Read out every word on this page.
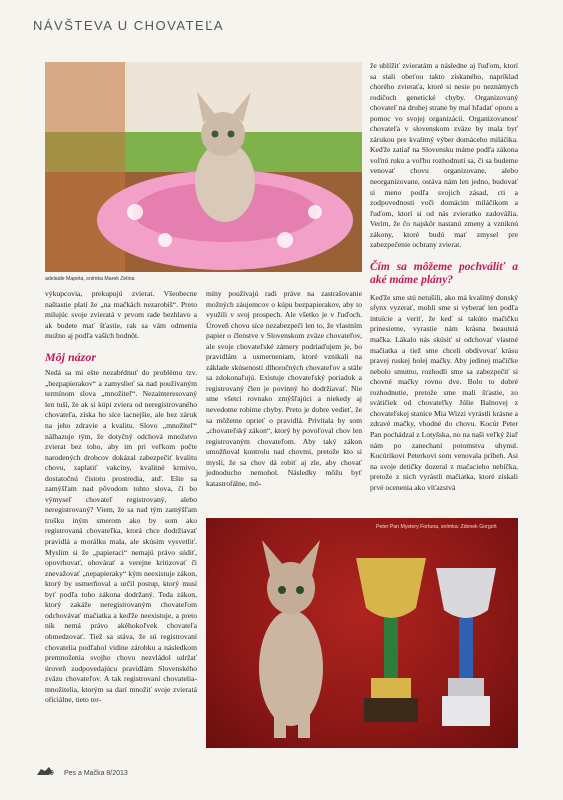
NÁVŠTEVA U CHOVATEĽA
adelaide Mapeta, snímka Marek Zelina

výkupcovia, prekupujú zvierat. Všeobecne naštastie platí že „na mačkách nezarobíš“. Preto milujúc svoje zvieratá v prvom rade bezhlavo a ak budete mať šťastie, rak sa vám odmenia možno aj podľa vaších hodnôt.

Môj názor

Nedá sa mi ešte nezabŕdnuť do problému tzv. „bezpapierakov“ a zamyslieť sa nad používaným termínom slova „množiteľ“. Nezainteresovaný len tuší, že ak si kúpi zviera od neregistrovaného chovateľa, získa ho síce lacnejšie, ale bez záruk na jeho zdravie a kvalitu. Slovo „množiteľ“ nálhazuje tým, že dotyčný odchová množstvo zvierat bez toho, aby im pri veľkom počte narodených drobcov dokázal zabezpečiť kvalitu chovu, zaplatiť vakcíny, kvalitné krmivo, dostatočnú čistotu prostredia, atď. Ešte sa zamýšľam nad pôvodom tohto slova, či bo výmyseľ chovateľ registrovaný, alebo neregistrovaný? Viem, že sa nad tým zamýšľam trošku iným smerom ako by som ako registrovaná chovateľka, ktorá chce dodržiavať pravidlá a morálku mala, ale skúsim vysvetliť. Myslím si že „papieraci“ nemajú právo súdiť, opovrhovať, ohovárať a verejne kritizovať či znevažovať „nepapieraky“ kým neexistuje zákon, ktorý by usmerňoval a určil postup, ktorý musí byť podľa toho zákona dodržaný. Teda zákon, ktorý zakáže neregistrovaným chovateľom odchovávať mačiatka a keďže neexistuje, a preto nik nemá právo akéhokoľvek chovateľa obmedzovať. Tiež sa stáva, že sú registrovaní chovatelia podľahol vidine zárobku a následkom premnoženia svojho chovu nezvládol udržať úroveň zodpovedajúcu pravidlám Slovenského zväzu chovateľov. A tak registrovaní chovatelia-množitelia, ktorým sa darí množiť svoje zvieratá oficiálne, tieto ter-

míny používajú radi práve na zastrašovanie možných záujemcov o kúpu bezpapierakov, aby to využili v svoj prospech. Ale všetko je v ľuďoch. Úroveň chovu síce nezabezpečí len to, že vlastním papier o členstve v Slovenskom zväze chovateľov, ale svoje chovateľské zámery podriaďujem je, bo pravidlám a usmerneniam, ktoré vznikali na základe skúseností dlhoročných chovateľov a stále sa zdokonaľujú. Existuje chovateľský poriadok a registrovaný člen je povinný ho dodržiavať. Nie sme všetci rovnako zmýšľajúci a niekedy aj nevedome robíme chyby. Preto je dobre vedieť, že sa môžeme oprieť o pravidlá. Privítala by som „chovateľský zákon“, ktorý by povoľoval chov len registrovaným chovateľom. Aby taký zákon umožňoval kontrolu nad chovmi, pretože kto si myslí, že sa chov dá robiť aj zle, aby chovať jednoducho nemohol. Následky môžu byť katastrofálne, mô-

že ublížiť zvieratám a následne aj ľuďom, ktorí sa stali obeťou takto získaného, napríklad chorého zvieraťa, ktoré si nesie po neznámych rodičoch genetické chyby. Organizovaný chovateľ na druhej strane by mal hľadať oporu a pomoc vo svojej organizácii. Organizovanosť chovateľa v slovenskom zväze by mala byť zárukou pre kvalitný výber domáceho miláčika. Keďže zatiaľ na Slovensku máme podľa zákona voľnú ruku a voľbu rozhodnutí sa, či sa budeme venovať chovu organizovane, alebo neorganizovane, ostáva nám len jedno, budovať si meno podľa svojich zásad, cti a zodpovednosti voči domácim miláčikom a ľuďom, ktorí si od nás zvieratko zadovážia. Verím, že čo najskôr nastanú zmeny a vzniknú zákony, ktoré budú mať zmysel pre zabezpečenie ochrany zvierat.

Čím sa môžeme pochváliť a aké máme plány?

Keďže sme stú netušili, ako má kvalitný donský sfynx vyzerať, mohli sme si vyberať len podľa intuície a veriť, že keď si takúto mačičku prinesieme, vyrastie nám krásna beautstá mačka. Lákalo nás skúsiť si odchovať vlastné mačiatka a tiež sme chceli obdivovať krásu pravej ruskej holej mačky. Aby jedinej mačičke nebolo smutno, rozhodli sme sa zabezpečiť si chovné mačky rovno dve. Bolo to dobré rozhodnutie, pretože sme mali šťastie, zo svátičiek od chovateľky Júlie Balnovej z chovateľskej stanice Mia Wizzi vyrástli krásne a zdravé mačky, vhodné do chovu. Kocúr Peter Pan pochádzal z Lotyšska, no na naši veľký žiaľ nám po zanechaní potomstva uhynul. Kocúrikovi Peterkovi som venovala príbeh. Asi na svoje detičky dozeral z mačacieho nebíčka, pretože z nich vyrástli mačiatka, ktoré získali prvé ocenenia ako víťazstvá

Peter Pan Mystery Fortuna, snímka: Zdenek Gorgoň
40 Pes a Mačka 8/2013
